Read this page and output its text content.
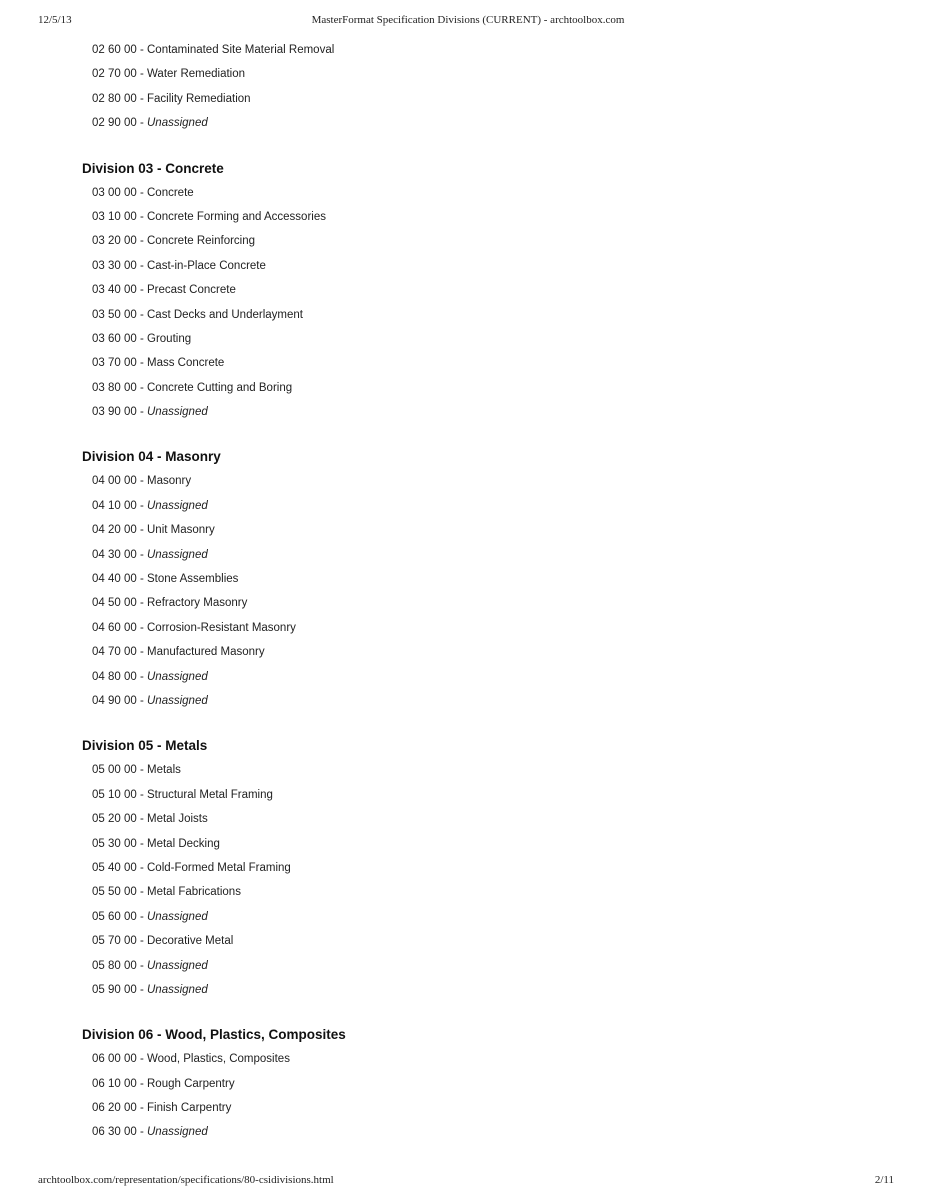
12/5/13	MasterFormat Specification Divisions (CURRENT) - archtoolbox.com
02 60 00 - Contaminated Site Material Removal
02 70 00 - Water Remediation
02 80 00 - Facility Remediation
02 90 00 - Unassigned
Division 03 - Concrete
03 00 00 - Concrete
03 10 00 - Concrete Forming and Accessories
03 20 00 - Concrete Reinforcing
03 30 00 - Cast-in-Place Concrete
03 40 00 - Precast Concrete
03 50 00 - Cast Decks and Underlayment
03 60 00 - Grouting
03 70 00 - Mass Concrete
03 80 00 - Concrete Cutting and Boring
03 90 00 - Unassigned
Division 04 - Masonry
04 00 00 - Masonry
04 10 00 - Unassigned
04 20 00 - Unit Masonry
04 30 00 - Unassigned
04 40 00 - Stone Assemblies
04 50 00 - Refractory Masonry
04 60 00 - Corrosion-Resistant Masonry
04 70 00 - Manufactured Masonry
04 80 00 - Unassigned
04 90 00 - Unassigned
Division 05 - Metals
05 00 00 - Metals
05 10 00 - Structural Metal Framing
05 20 00 - Metal Joists
05 30 00 - Metal Decking
05 40 00 - Cold-Formed Metal Framing
05 50 00 - Metal Fabrications
05 60 00 - Unassigned
05 70 00 - Decorative Metal
05 80 00 - Unassigned
05 90 00 - Unassigned
Division 06 - Wood, Plastics, Composites
06 00 00 - Wood, Plastics, Composites
06 10 00 - Rough Carpentry
06 20 00 - Finish Carpentry
06 30 00 - Unassigned
archtoolbox.com/representation/specifications/80-csidivisions.html	2/11
